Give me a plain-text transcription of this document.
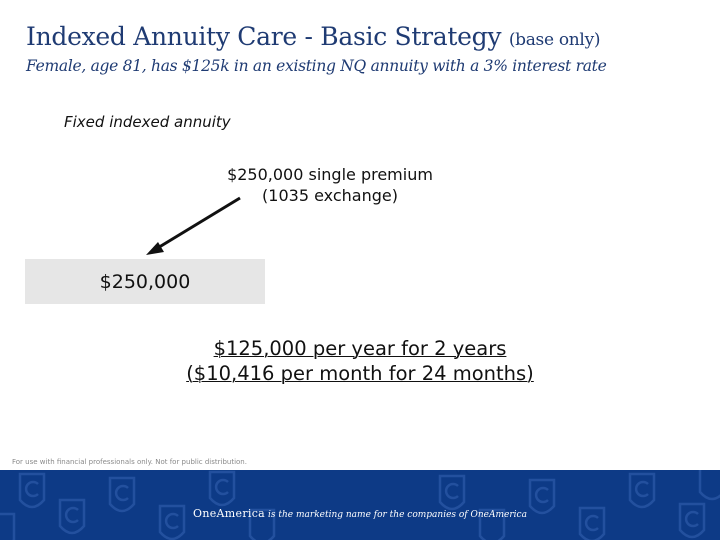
Indexed Annuity Care - Basic Strategy (base only)
Female, age 81, has $125k in an existing NQ annuity with a 3% interest rate
Fixed indexed annuity
$250,000 single premium
(1035 exchange)
$250,000
$125,000 per year for 2 years
($10,416 per month for 24 months)
For use with financial professionals only. Not for public distribution.
OneAmerica is the marketing name for the companies of OneAmerica
